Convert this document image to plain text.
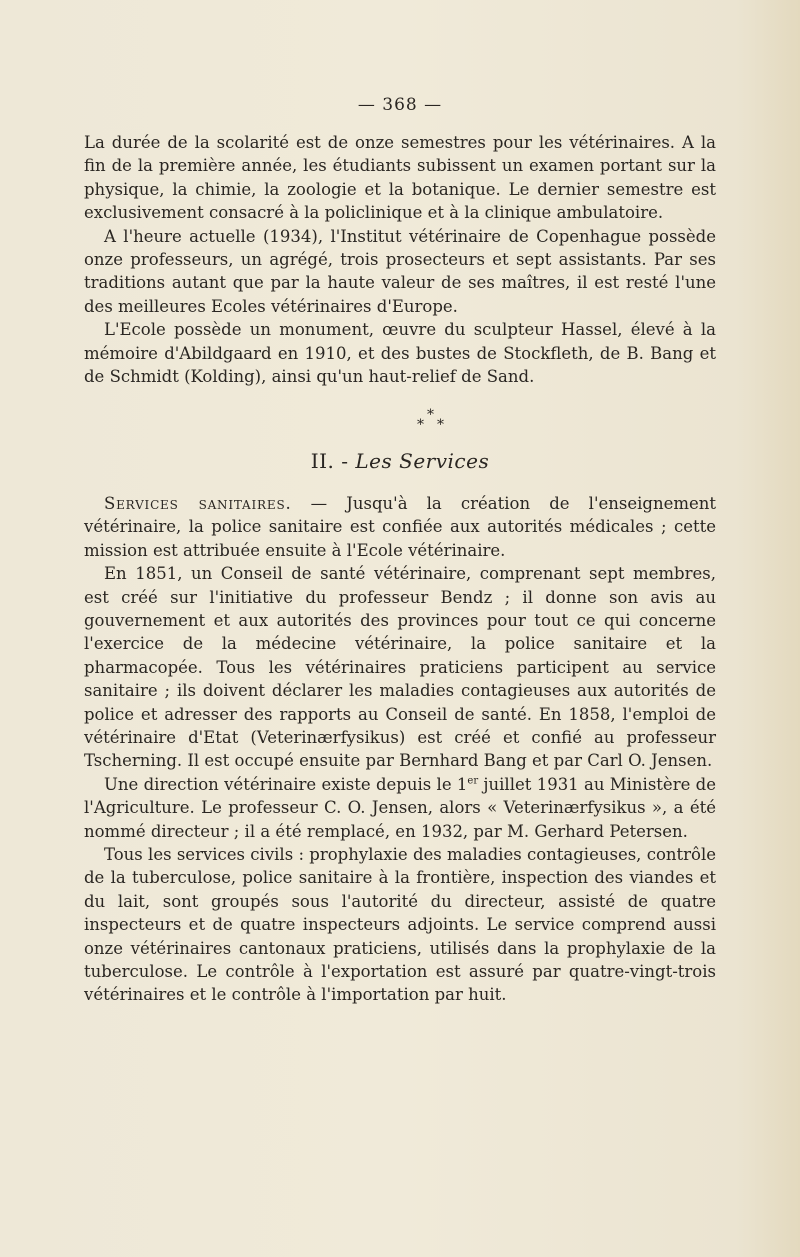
— 368 —

La durée de la scolarité est de onze semestres pour les vétérinaires. A la fin de la première année, les étudiants subissent un examen portant sur la physique, la chimie, la zoologie et la botanique. Le dernier semestre est exclusivement consacré à la policlinique et à la clinique ambulatoire.

A l'heure actuelle (1934), l'Institut vétérinaire de Copenhague possède onze professeurs, un agrégé, trois prosecteurs et sept assistants. Par ses traditions autant que par la haute valeur de ses maîtres, il est resté l'une des meilleures Ecoles vétérinaires d'Europe.

L'Ecole possède un monument, œuvre du sculpteur Hassel, élevé à la mémoire d'Abildgaard en 1910, et des bustes de Stockfleth, de B. Bang et de Schmidt (Kolding), ainsi qu'un haut-relief de Sand.

*
* *
II. - Les Services

Services sanitaires. — Jusqu'à la création de l'enseignement vétérinaire, la police sanitaire est confiée aux autorités médicales ; cette mission est attribuée ensuite à l'Ecole vétérinaire.

En 1851, un Conseil de santé vétérinaire, comprenant sept membres, est créé sur l'initiative du professeur Bendz ; il donne son avis au gouvernement et aux autorités des provinces pour tout ce qui concerne l'exercice de la médecine vétérinaire, la police sanitaire et la pharmacopée. Tous les vétérinaires praticiens participent au service sanitaire ; ils doivent déclarer les maladies contagieuses aux autorités de police et adresser des rapports au Conseil de santé. En 1858, l'emploi de vétérinaire d'Etat (Veterinærfysikus) est créé et confié au professeur Tscherning. Il est occupé ensuite par Bernhard Bang et par Carl O. Jensen.

Une direction vétérinaire existe depuis le 1er juillet 1931 au Ministère de l'Agriculture. Le professeur C. O. Jensen, alors « Veterinærfysikus », a été nommé directeur ; il a été remplacé, en 1932, par M. Gerhard Petersen.

Tous les services civils : prophylaxie des maladies contagieuses, contrôle de la tuberculose, police sanitaire à la frontière, inspection des viandes et du lait, sont groupés sous l'autorité du directeur, assisté de quatre inspecteurs et de quatre inspecteurs adjoints. Le service comprend aussi onze vétérinaires cantonaux praticiens, utilisés dans la prophylaxie de la tuberculose. Le contrôle à l'exportation est assuré par quatre-vingt-trois vétérinaires et le contrôle à l'importation par huit.
